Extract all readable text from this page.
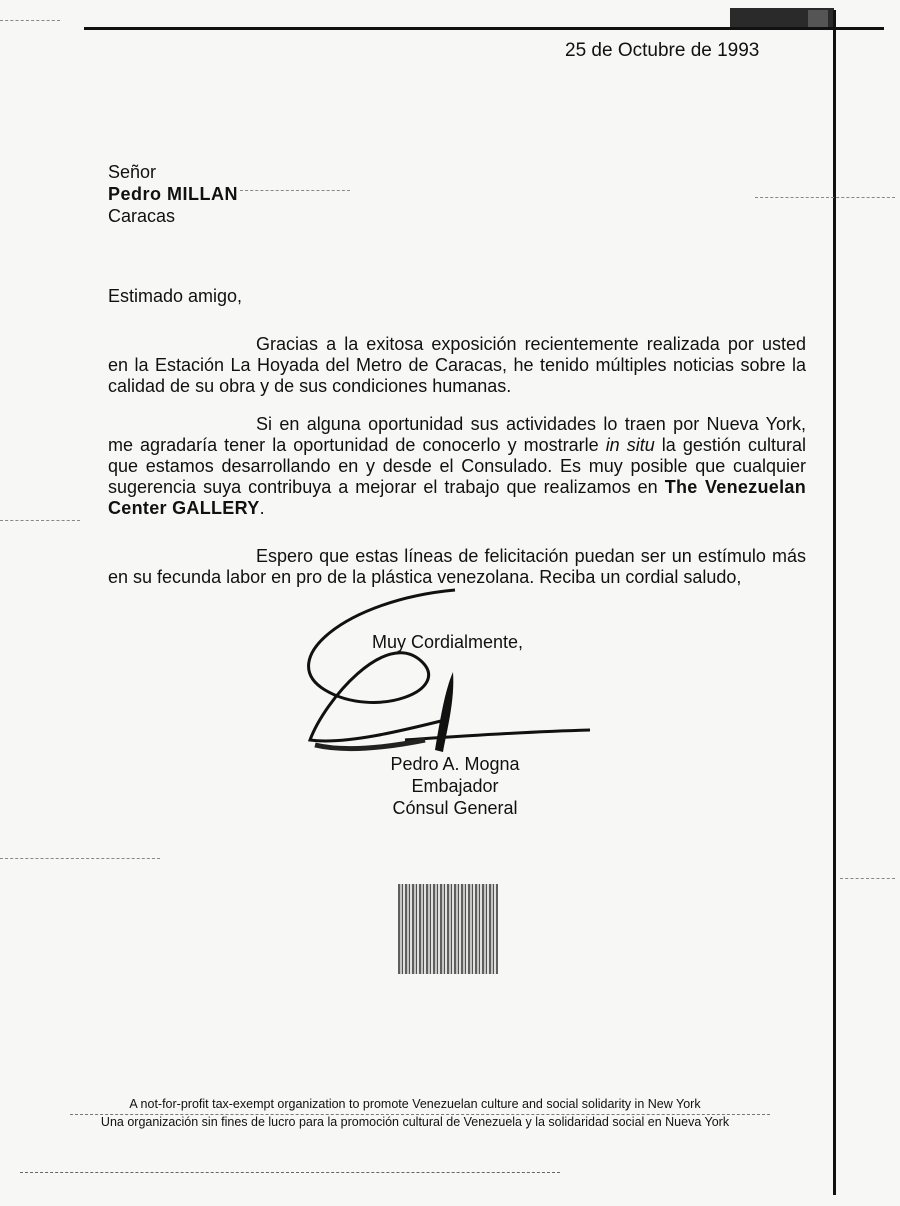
25 de Octubre de 1993
Señor
Pedro MILLAN
Caracas
Estimado amigo,
Gracias a la exitosa exposición recientemente realizada por usted en la Estación La Hoyada del Metro de Caracas, he tenido múltiples noticias sobre la calidad de su obra y de sus condiciones humanas.
Si en alguna oportunidad sus actividades lo traen por Nueva York, me agradaría tener la oportunidad de conocerlo y mostrarle in situ la gestión cultural que estamos desarrollando en y desde el Consulado. Es muy posible que cualquier sugerencia suya contribuya a mejorar el trabajo que realizamos en The Venezuelan Center GALLERY.
Espero que estas líneas de felicitación puedan ser un estímulo más en su fecunda labor en pro de la plástica venezolana. Reciba un cordial saludo,
Muy Cordialmente,
Pedro A. Mogna
Embajador
Cónsul General
A not-for-profit tax-exempt organization to promote Venezuelan culture and social solidarity in New York
Una organización sin fines de lucro para la promoción cultural de Venezuela y la solidaridad social en Nueva York
